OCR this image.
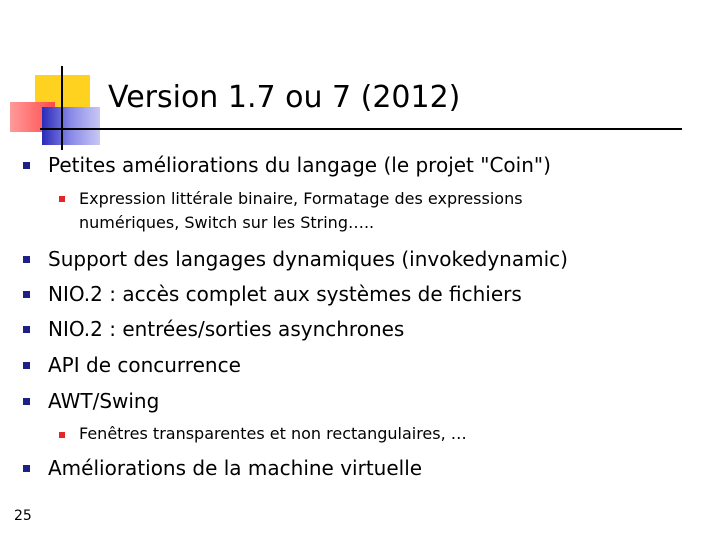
Version 1.7 ou 7 (2012)
Petites améliorations du langage (le projet "Coin")
Expression littérale binaire, Formatage des expressions
numériques, Switch sur les String…..
Support des langages dynamiques (invokedynamic)
NIO.2 : accès complet aux systèmes de fichiers
NIO.2 : entrées/sorties asynchrones
API de concurrence
AWT/Swing
Fenêtres transparentes et non rectangulaires, …
Améliorations de la machine virtuelle
25
